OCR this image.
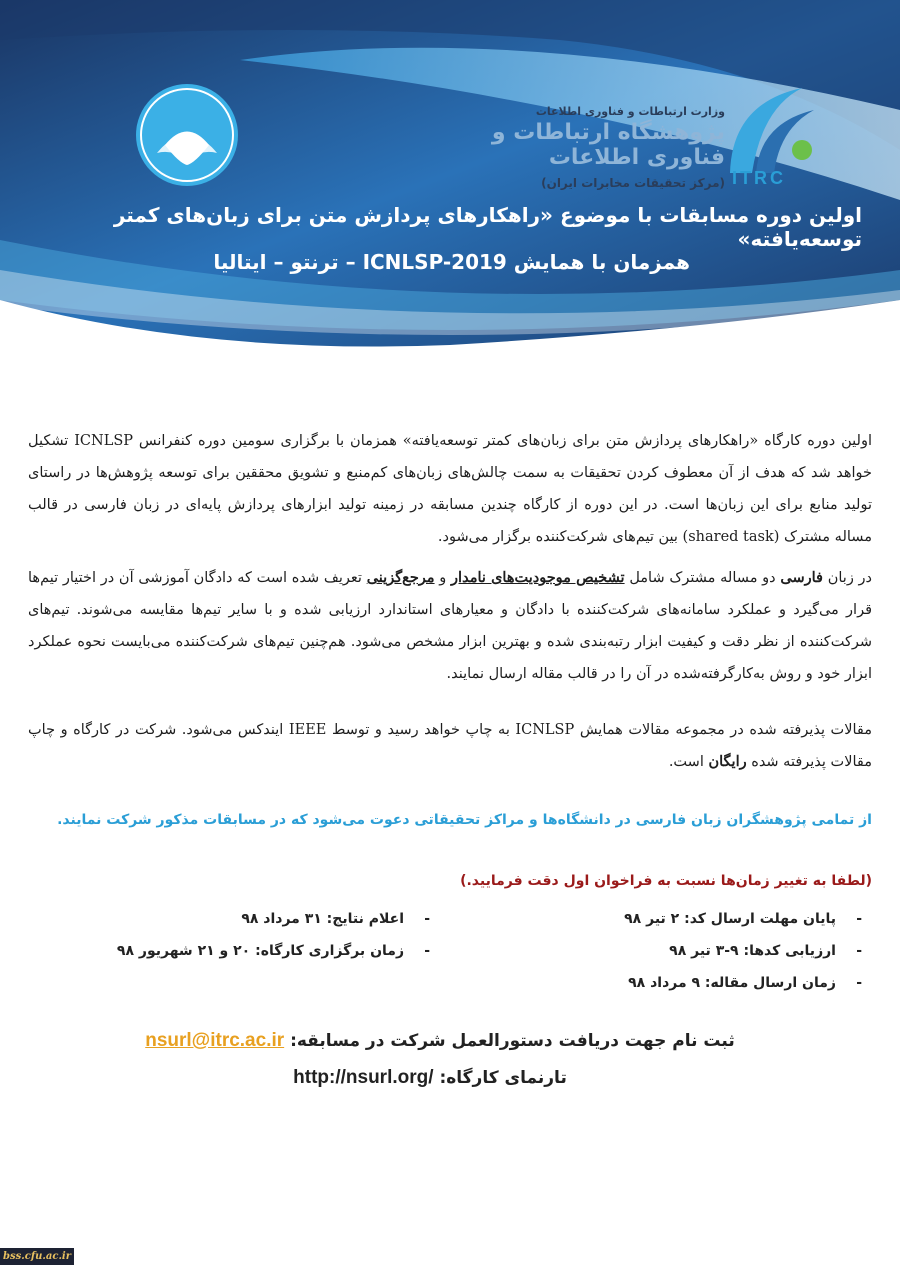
وزارت ارتباطات و فناوری اطلاعات
پژوهشگاه ارتباطات و فناوری اطلاعات
(مرکز تحقیقات مخابرات ایران) ITRC
اولین دوره مسابقات با موضوع «راهکارهای پردازش متن برای زبان‌های کمتر توسعه‌یافته»
همزمان با همایش ICNLSP-2019 – ترنتو – ایتالیا
اولین دوره کارگاه «راهکارهای پردازش متن برای زبان‌های کمتر توسعه‌یافته» همزمان با برگزاری سومین دوره کنفرانس ICNLSP تشکیل خواهد شد که هدف از آن معطوف کردن تحقیقات به سمت چالش‌های زبان‌های کم‌منبع و تشویق محققین برای توسعه پژوهش‌ها در راستای تولید منابع برای این زبان‌ها است. در این دوره از کارگاه چندین مسابقه در زمینه تولید ابزارهای پردازش پایه‌ای در زبان فارسی در قالب مساله مشترک (shared task) بین تیم‌های شرکت‌کننده برگزار می‌شود.
در زبان فارسی دو مساله مشترک شامل تشخیص موجودیت‌های نامدار و مرجع‌گزینی تعریف شده است که دادگان آموزشی آن در اختیار تیم‌ها قرار می‌گیرد و عملکرد سامانه‌های شرکت‌کننده با دادگان و معیارهای استاندارد ارزیابی شده و با سایر تیم‌ها مقایسه می‌شوند. تیم‌های شرکت‌کننده از نظر دقت و کیفیت ابزار رتبه‌بندی شده و بهترین ابزار مشخص می‌شود. هم‌چنین تیم‌های شرکت‌کننده می‌بایست نحوه عملکرد ابزار خود و روش به‌کارگرفته‌شده در آن را در قالب مقاله ارسال نمایند.
مقالات پذیرفته شده در مجموعه مقالات همایش ICNLSP به چاپ خواهد رسید و توسط IEEE ایندکس می‌شود. شرکت در کارگاه و چاپ مقالات پذیرفته شده رایگان است.
از تمامی پژوهشگران زبان فارسی در دانشگاه‌ها و مراکز تحقیقاتی دعوت می‌شود که در مسابقات مذکور شرکت نمایند.
(لطفا به تغییر زمان‌ها نسبت به فراخوان اول دقت فرمایید.)
-پایان مهلت ارسال کد: ۲ تیر ۹۸
-ارزیابی کدها: ۹-۳ تیر ۹۸
-زمان ارسال مقاله: ۹ مرداد ۹۸
-اعلام نتایج: ۳۱ مرداد ۹۸
-زمان برگزاری کارگاه: ۲۰ و ۲۱ شهریور ۹۸
ثبت نام جهت دریافت دستورالعمل شرکت در مسابقه: nsurl@itrc.ac.ir
تارنمای کارگاه: http://nsurl.org/
bss.cfu.ac.ir
